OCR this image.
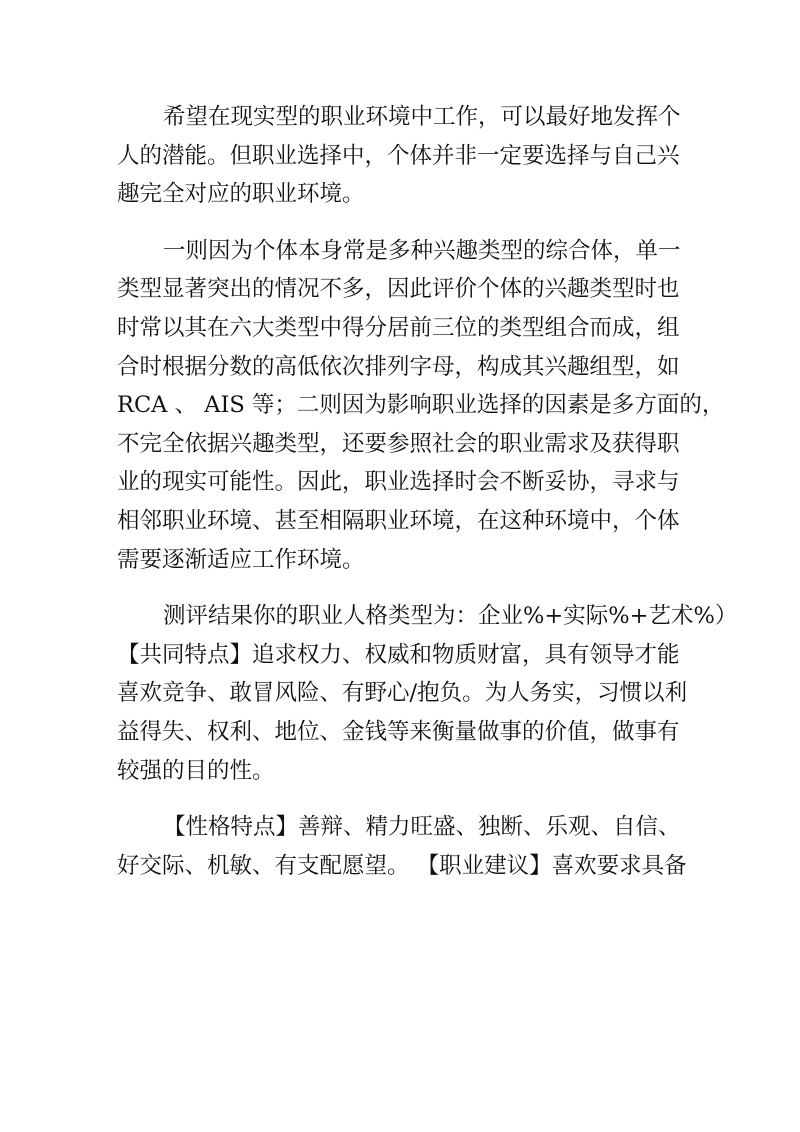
希望在现实型的职业环境中工作，可以最好地发挥个
人的潜能。但职业选择中，个体并非一定要选择与自己兴
趣完全对应的职业环境。
一则因为个体本身常是多种兴趣类型的综合体，单一
类型显著突出的情况不多，因此评价个体的兴趣类型时也
时常以其在六大类型中得分居前三位的类型组合而成，组
合时根据分数的高低依次排列字母，构成其兴趣组型，如
RCA 、 AIS 等；二则因为影响职业选择的因素是多方面的，
不完全依据兴趣类型，还要参照社会的职业需求及获得职
业的现实可能性。因此，职业选择时会不断妥协，寻求与
相邻职业环境、甚至相隔职业环境，在这种环境中，个体
需要逐渐适应工作环境。
测评结果你的职业人格类型为：企业%+实际%+艺术%）
【共同特点】追求权力、权威和物质财富，具有领导才能
喜欢竞争、敢冒风险、有野心/抱负。为人务实，习惯以利
益得失、权利、地位、金钱等来衡量做事的价值，做事有
较强的目的性。
【性格特点】善辩、精力旺盛、独断、乐观、自信、
好交际、机敏、有支配愿望。 【职业建议】喜欢要求具备
